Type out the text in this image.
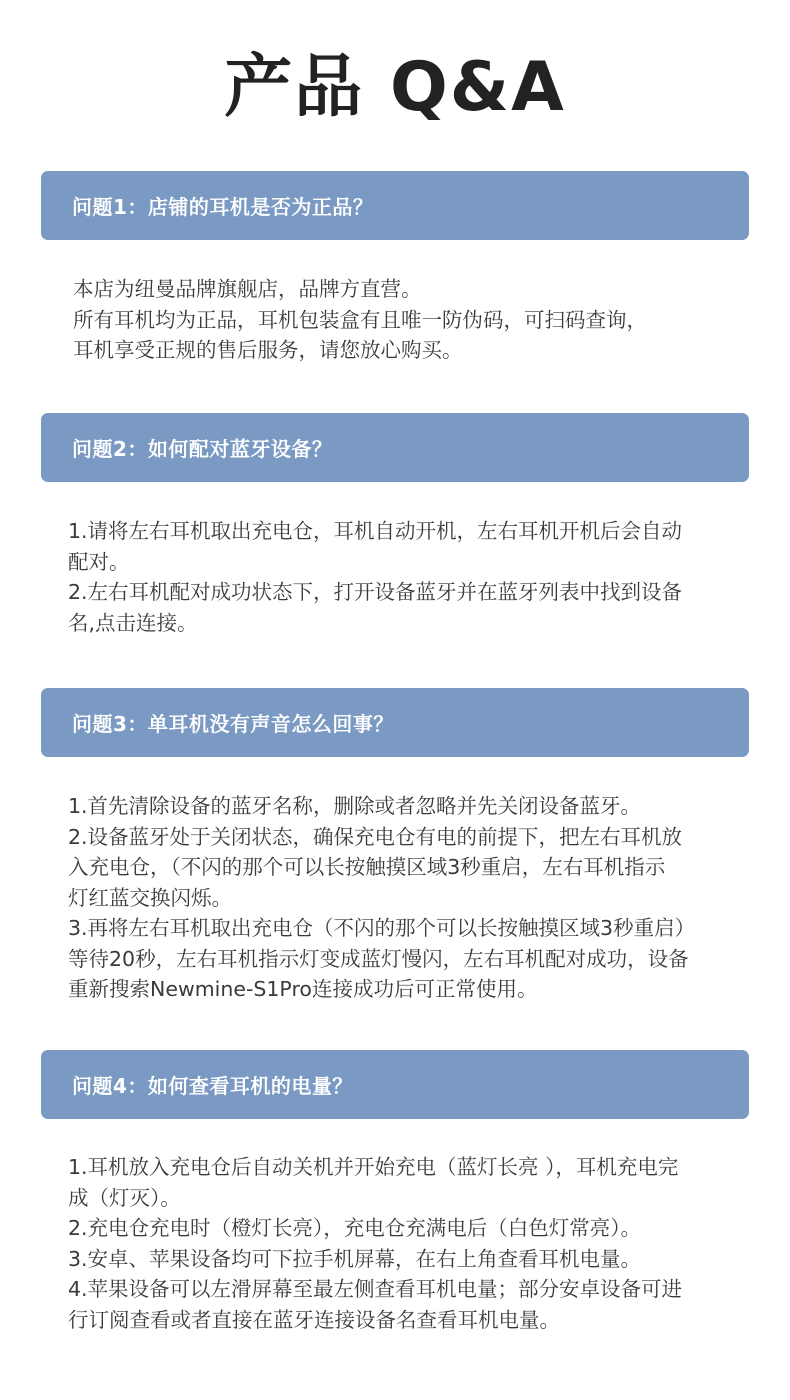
产品 Q&A
问题1：店铺的耳机是否为正品？
本店为纽曼品牌旗舰店，品牌方直营。
所有耳机均为正品，耳机包装盒有且唯一防伪码，可扫码查询，
耳机享受正规的售后服务，请您放心购买。
问题2：如何配对蓝牙设备？
1.请将左右耳机取出充电仓，耳机自动开机，左右耳机开机后会自动
配对。
2.左右耳机配对成功状态下，打开设备蓝牙并在蓝牙列表中找到设备
名,点击连接。
问题3：单耳机没有声音怎么回事？
1.首先清除设备的蓝牙名称，删除或者忽略并先关闭设备蓝牙。
2.设备蓝牙处于关闭状态，确保充电仓有电的前提下，把左右耳机放
入充电仓，（不闪的那个可以长按触摸区域3秒重启，左右耳机指示
灯红蓝交换闪烁。
3.再将左右耳机取出充电仓（不闪的那个可以长按触摸区域3秒重启）
等待20秒，左右耳机指示灯变成蓝灯慢闪，左右耳机配对成功，设备
重新搜索Newmine-S1Pro连接成功后可正常使用。
问题4：如何查看耳机的电量？
1.耳机放入充电仓后自动关机并开始充电（蓝灯长亮 ），耳机充电完
成（灯灭）。
2.充电仓充电时（橙灯长亮），充电仓充满电后（白色灯常亮）。
3.安卓、苹果设备均可下拉手机屏幕，在右上角查看耳机电量。
4.苹果设备可以左滑屏幕至最左侧查看耳机电量；部分安卓设备可进
行订阅查看或者直接在蓝牙连接设备名查看耳机电量。
